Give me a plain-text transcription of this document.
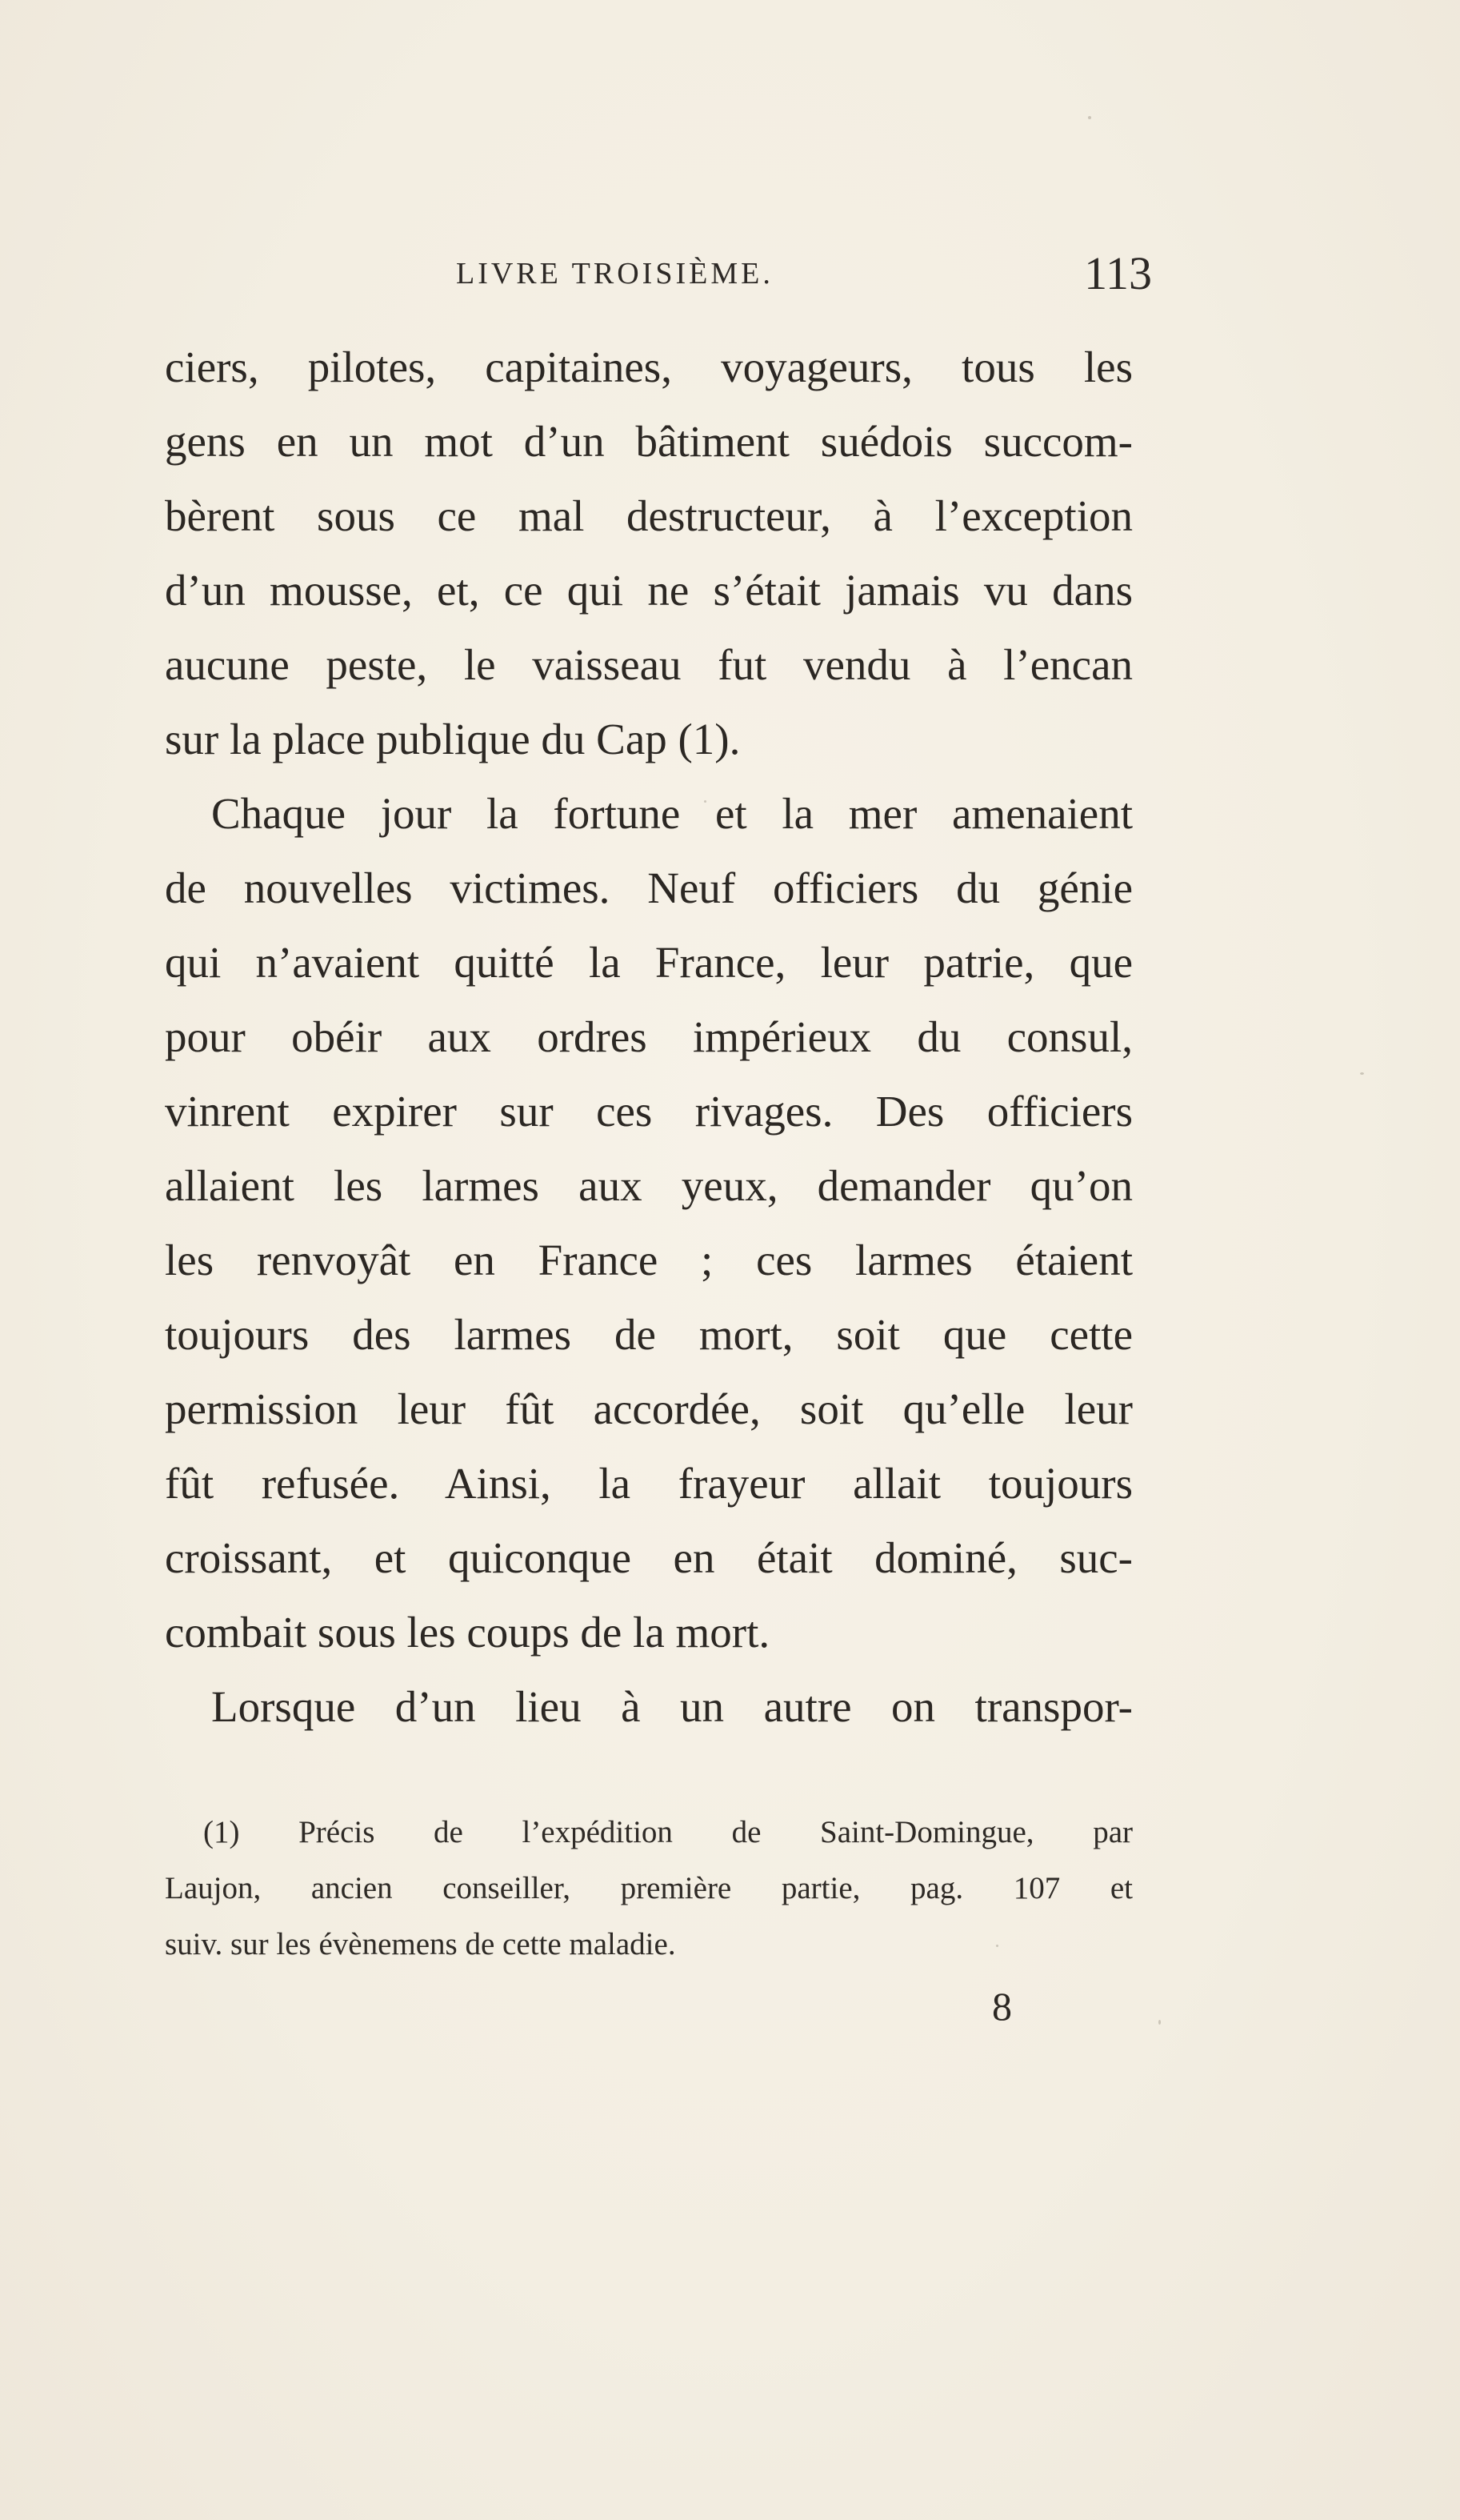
LIVRE TROISIÈME.	113
ciers, pilotes, capitaines, voyageurs, tous les
gens en un mot d’un bâtiment suédois succom-
bèrent sous ce mal destructeur, à l’exception
d’un mousse, et, ce qui ne s’était jamais vu dans
aucune peste, le vaisseau fut vendu à l’encan
sur la place publique du Cap (1).
Chaque jour la fortune et la mer amenaient
de nouvelles victimes. Neuf officiers du génie
qui n’avaient quitté la France, leur patrie, que
pour obéir aux ordres impérieux du consul,
vinrent expirer sur ces rivages. Des officiers
allaient les larmes aux yeux, demander qu’on
les renvoyât en France ; ces larmes étaient
toujours des larmes de mort, soit que cette
permission leur fût accordée, soit qu’elle leur
fût refusée. Ainsi, la frayeur allait toujours
croissant, et quiconque en était dominé, suc-
combait sous les coups de la mort.
Lorsque d’un lieu à un autre on transpor-
(1) Précis de l’expédition de Saint-Domingue, par
Laujon, ancien conseiller, première partie, pag. 107 et
suiv. sur les évènemens de cette maladie.
8
